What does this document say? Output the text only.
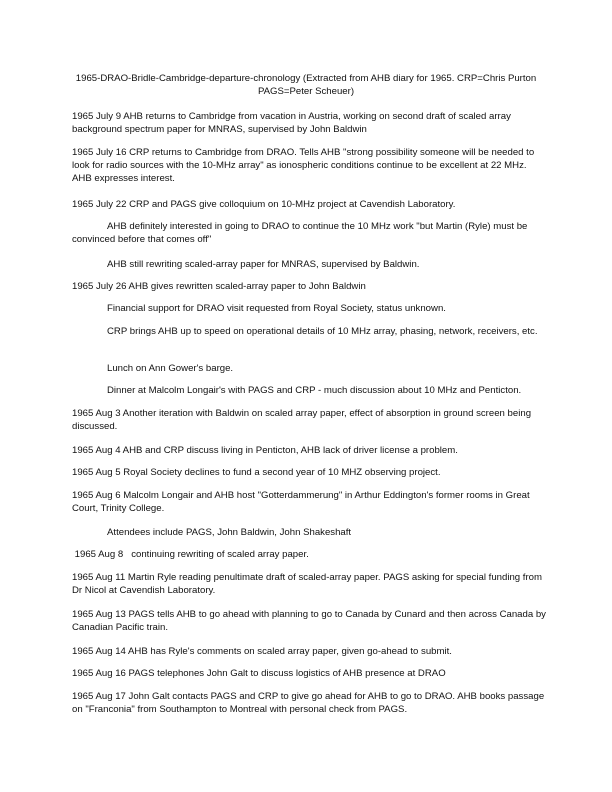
1965-DRAO-Bridle-Cambridge-departure-chronology (Extracted from AHB diary for 1965. CRP=Chris Purton PAGS=Peter Scheuer)

1965 July 9 AHB returns to Cambridge from vacation in Austria, working on second draft of scaled array background spectrum paper for MNRAS, supervised by John Baldwin

1965 July 16 CRP returns to Cambridge from DRAO. Tells AHB "strong possibility someone will be needed to look for radio sources with the 10-MHz array" as ionospheric conditions continue to be excellent at 22 MHz. AHB expresses interest.

1965 July 22 CRP and PAGS give colloquium on 10-MHz project at Cavendish Laboratory.

AHB definitely interested in going to DRAO to continue the 10 MHz work "but Martin (Ryle) must be convinced before that comes off"

AHB still rewriting scaled-array paper for MNRAS, supervised by Baldwin.

1965 July 26 AHB gives rewritten scaled-array paper to John Baldwin

Financial support for DRAO visit requested from Royal Society, status unknown.

CRP brings AHB up to speed on operational details of 10 MHz array, phasing, network, receivers, etc.

Lunch on Ann Gower's barge.

Dinner at Malcolm Longair's with PAGS and CRP - much discussion about 10 MHz and Penticton.

1965 Aug 3 Another iteration with Baldwin on scaled array paper, effect of absorption in ground screen being discussed.

1965 Aug 4 AHB and CRP discuss living in Penticton, AHB lack of driver license a problem.

1965 Aug 5 Royal Society declines to fund a second year of 10 MHZ observing project.

1965 Aug 6 Malcolm Longair and AHB host "Gotterdammerung" in Arthur Eddington's former rooms in Great Court, Trinity College.

Attendees include PAGS, John Baldwin, John Shakeshaft

1965 Aug 8   continuing rewriting of scaled array paper.

1965 Aug 11 Martin Ryle reading penultimate draft of scaled-array paper. PAGS asking for special funding from Dr Nicol at Cavendish Laboratory.

1965 Aug 13 PAGS tells AHB to go ahead with planning to go to Canada by Cunard and then across Canada by Canadian Pacific train.

1965 Aug 14 AHB has Ryle's comments on scaled array paper, given go-ahead to submit.

1965 Aug 16 PAGS telephones John Galt to discuss logistics of AHB presence at DRAO

1965 Aug 17 John Galt contacts PAGS and CRP to give go ahead for AHB to go to DRAO. AHB books passage on "Franconia" from Southampton to Montreal with personal check from PAGS.
